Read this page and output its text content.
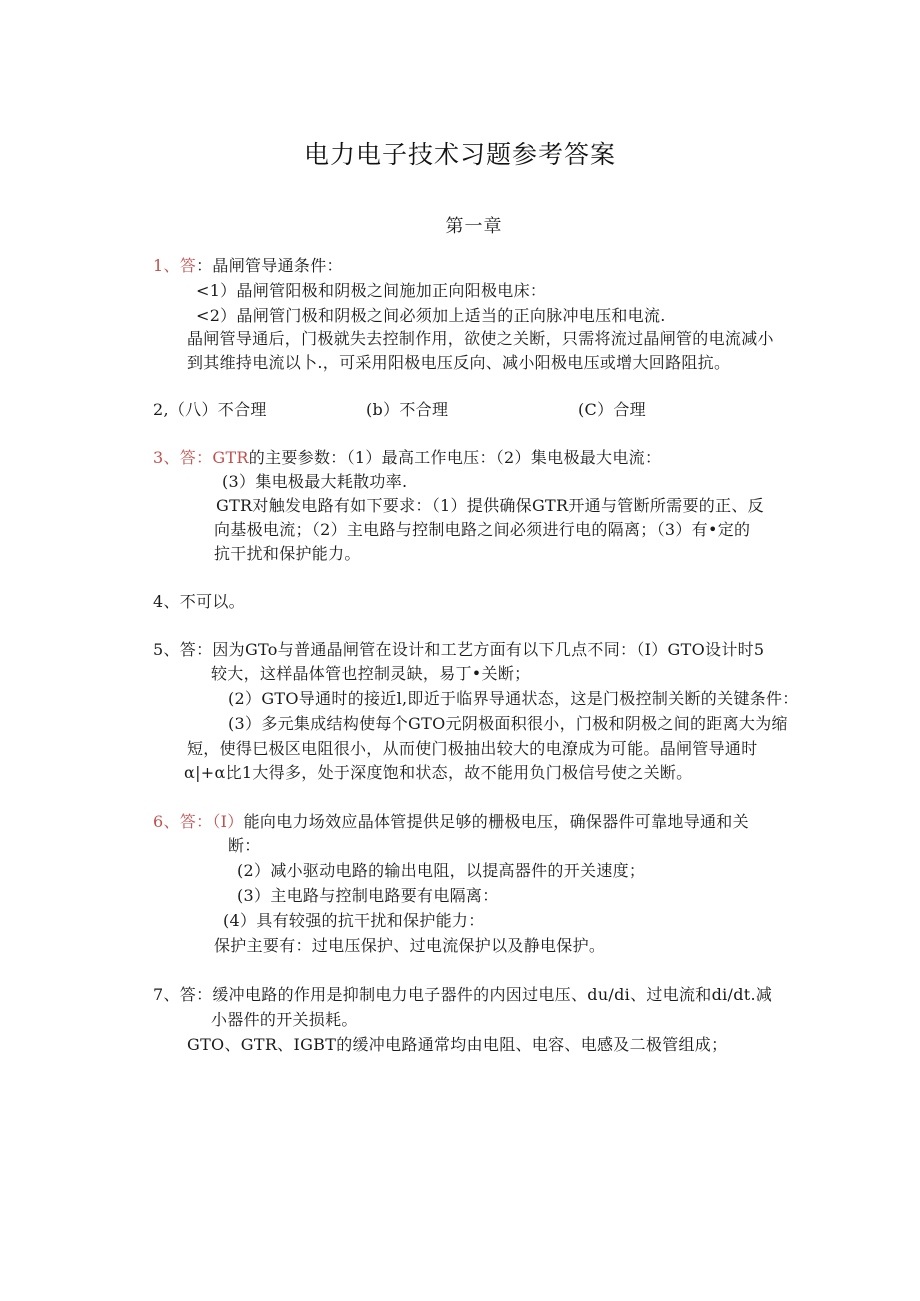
电力电子技术习题参考答案
第一章
1、答：晶闸管导通条件：
<1）晶闸管阳极和阴极之间施加正向阳极电床：
<2）晶闸管门极和阴极之间必须加上适当的正向脉冲电压和电流.
晶闸管导通后，门极就失去控制作用，欲使之关断，只需将流过晶闸管的电流减小
到其维持电流以卜.，可采用阳极电压反向、减小阳极电压或增大回路阻抗。
2,（八）不合理	(b）不合理	(C）合理
3、答：GTR的主要参数：（1）最高工作电压：（2）集电极最大电流：
(3）集电极最大耗散功率.
GTR对触发电路有如下要求：（1）提供确保GTR开通与管断所需要的正、反
向基极电流；（2）主电路与控制电路之间必须进行电的隔离；（3）有•定的
抗干扰和保护能力。
4、不可以。
5、答：因为GTo与普通晶闸管在设计和工艺方面有以下几点不同：（I）GTO设计时5
较大，这样晶体管也控制灵缺，易丁•关断；
(2）GTO导通时的接近l,即近于临界导通状态，这是门极控制关断的关键条件：
(3）多元集成结构使每个GTO元阴极面积很小，门极和阴极之间的距离大为缩
短，使得巳极区电阻很小，从而使门极抽出较大的电潦成为可能。晶闸管导通时
α|+α比1大得多，处于深度饱和状态，故不能用负门极信号使之关断。
6、答：（I）能向电力场效应晶体管提供足够的栅极电压，确保器件可靠地导通和关
断：
(2）减小驱动电路的输出电阻，以提高器件的开关速度；
(3）主电路与控制电路要有电隔离：
(4）具有较强的抗干扰和保护能力：
保护主要有：过电压保护、过电流保护以及静电保护。
7、答：缓冲电路的作用是抑制电力电子器件的内因过电压、du/di、过电流和di/dt.减
小器件的开关损耗。
GTO、GTR、IGBT的缓冲电路通常均由电阻、电容、电感及二极管组成；
